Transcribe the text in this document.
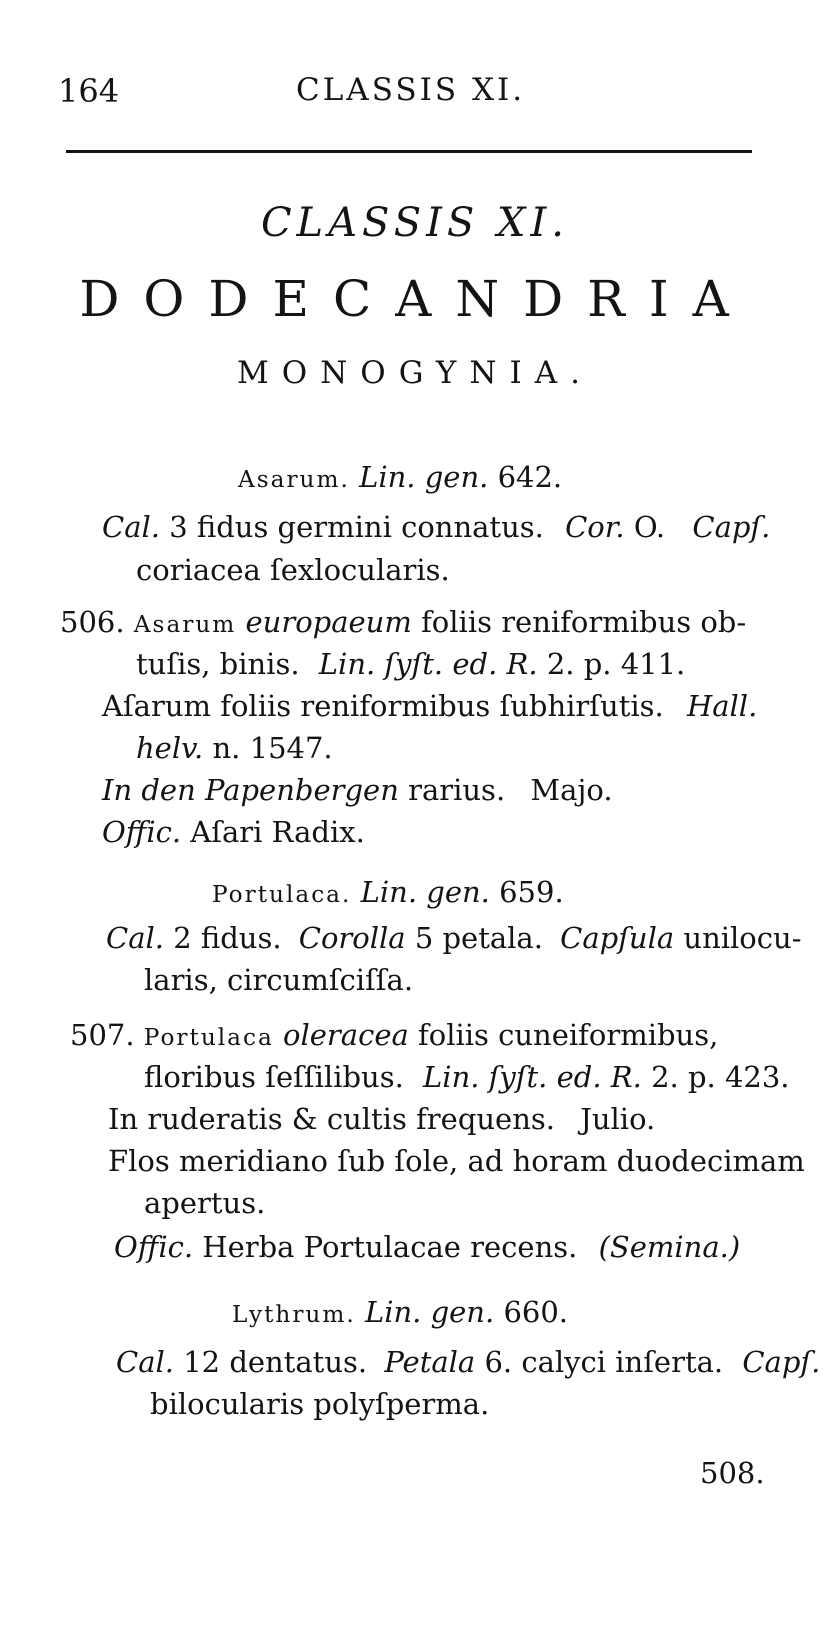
164	CLASSIS XI.
CLASSIS XI.
DODECANDRIA
MONOGYNIA.
Asarum. Lin. gen. 642.
Cal. 3 fidus germini connatus. Cor. O. Capſ.
coriacea ſexlocularis.
506. Asarum europaeum foliis reniformibus ob-
tuſis, binis. Lin. ſyſt. ed. R. 2. p. 411.
Aſarum foliis reniformibus ſubhirſutis. Hall.
helv. n. 1547.
In den Papenbergen rarius. Majo.
Offic. Aſari Radix.
Portulaca. Lin. gen. 659.
Cal. 2 fidus. Corolla 5 petala. Capſula unilocu-
laris, circumſciſſa.
507. Portulaca oleracea foliis cuneiformibus,
floribus ſeſſilibus. Lin. ſyſt. ed. R. 2. p. 423.
In ruderatis & cultis frequens. Julio.
Flos meridiano ſub ſole, ad horam duodecimam
apertus.
Offic. Herba Portulacae recens. (Semina.)
Lythrum. Lin. gen. 660.
Cal. 12 dentatus. Petala 6. calyci inſerta. Capſ.
bilocularis polyſperma.
508.
